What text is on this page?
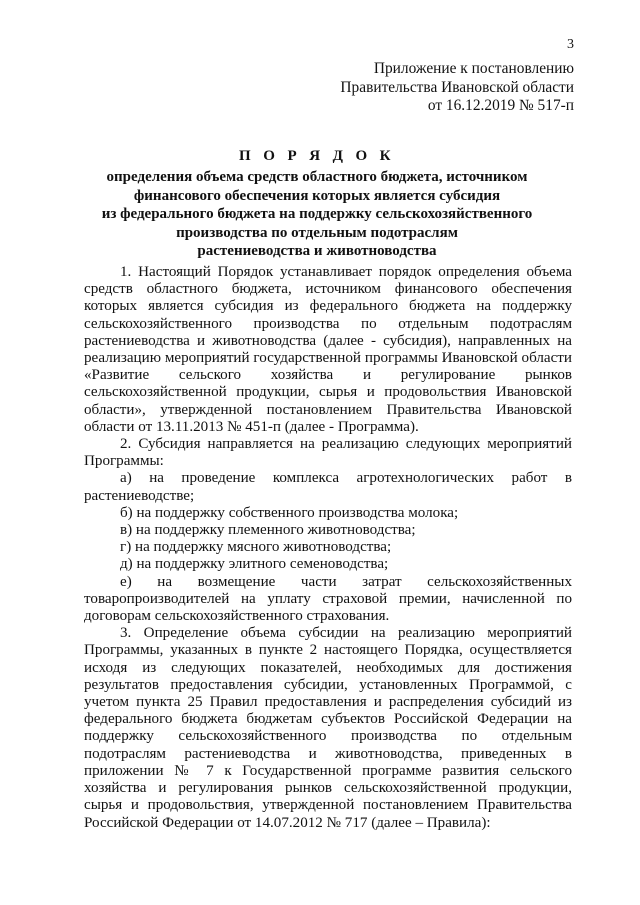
3
Приложение к постановлению
Правительства Ивановской области
от 16.12.2019 № 517-п
П О Р Я Д О К
определения объема средств областного бюджета, источником
финансового обеспечения которых является субсидия
из федерального бюджета на поддержку сельскохозяйственного
производства по отдельным подотраслям
растениеводства и животноводства

1. Настоящий Порядок устанавливает порядок определения объема средств областного бюджета, источником финансового обеспечения которых является субсидия из федерального бюджета на поддержку сельскохозяйственного производства по отдельным подотраслям растениеводства и животноводства (далее - субсидия), направленных на реализацию мероприятий государственной программы Ивановской области «Развитие сельского хозяйства и регулирование рынков сельскохозяйственной продукции, сырья и продовольствия Ивановской области», утвержденной постановлением Правительства Ивановской области от 13.11.2013 № 451-п (далее - Программа).

2. Субсидия направляется на реализацию следующих мероприятий Программы:

а) на проведение комплекса агротехнологических работ в растениеводстве;

б) на поддержку собственного производства молока;

в) на поддержку племенного животноводства;

г) на поддержку мясного животноводства;

д) на поддержку элитного семеноводства;

е) на возмещение части затрат сельскохозяйственных товаропроизводителей на уплату страховой премии, начисленной по договорам сельскохозяйственного страхования.

3. Определение объема субсидии на реализацию мероприятий Программы, указанных в пункте 2 настоящего Порядка, осуществляется исходя из следующих показателей, необходимых для достижения результатов предоставления субсидии, установленных Программой, с учетом пункта 25 Правил предоставления и распределения субсидий из федерального бюджета бюджетам субъектов Российской Федерации на поддержку сельскохозяйственного производства по отдельным подотраслям растениеводства и животноводства, приведенных в приложении № 7 к Государственной программе развития сельского хозяйства и регулирования рынков сельскохозяйственной продукции, сырья и продовольствия, утвержденной постановлением Правительства Российской Федерации от 14.07.2012 № 717 (далее – Правила):
